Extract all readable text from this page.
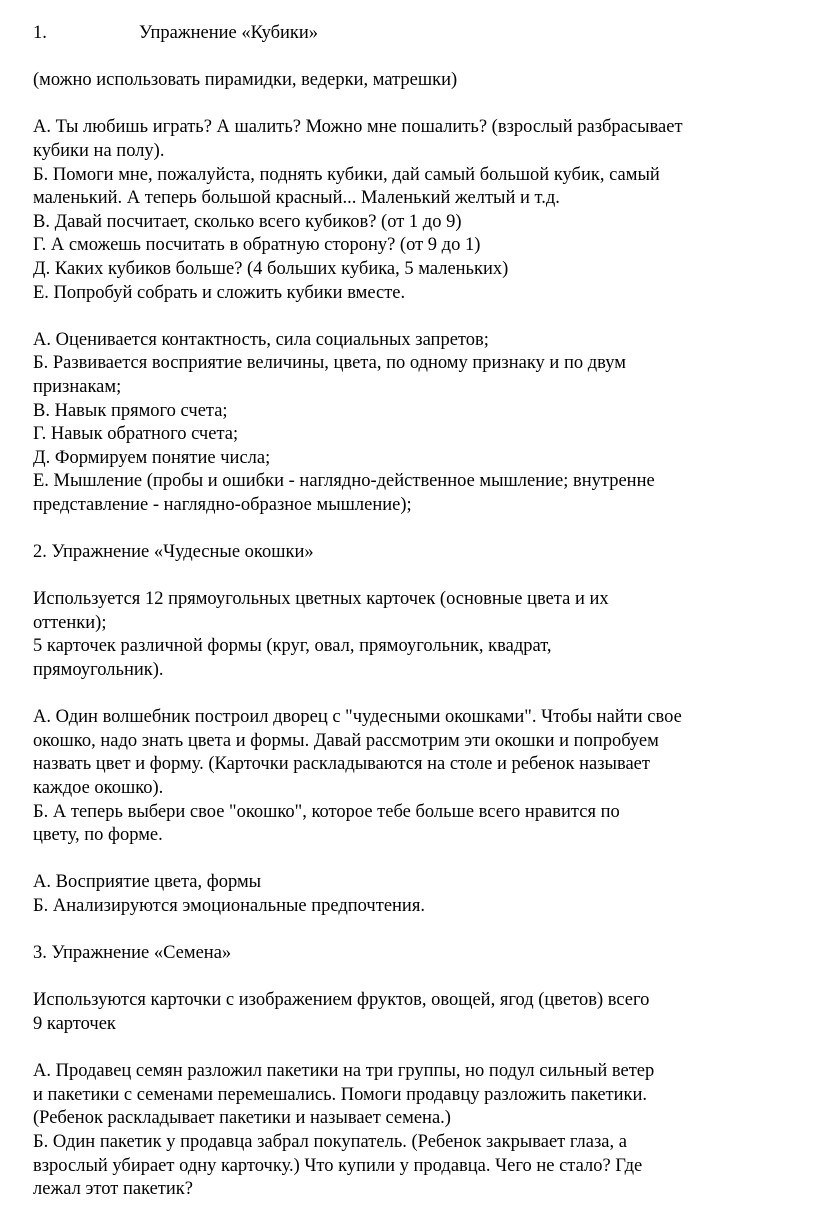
1.	Упражнение «Кубики»
(можно использовать пирамидки, ведерки, матрешки)
А. Ты любишь играть? А шалить? Можно мне пошалить? (взрослый разбрасывает
кубики на полу).
Б. Помоги мне, пожалуйста, поднять кубики, дай самый большой кубик, самый
маленький. А теперь большой красный... Маленький желтый и т.д.
В. Давай посчитает, сколько всего кубиков? (от 1 до 9)
Г. А сможешь посчитать в обратную сторону? (от 9 до 1)
Д. Каких кубиков больше? (4 больших кубика, 5 маленьких)
Е. Попробуй собрать и сложить кубики вместе.
А. Оценивается контактность, сила социальных запретов;
Б. Развивается восприятие величины, цвета, по одному признаку и по двум
признакам;
В. Навык прямого счета;
Г. Навык обратного счета;
Д. Формируем понятие числа;
Е. Мышление (пробы и ошибки - наглядно-действенное мышление; внутренне
представление - наглядно-образное мышление);
2. Упражнение «Чудесные окошки»
Используется 12 прямоугольных цветных карточек (основные цвета и их
оттенки);
5 карточек различной формы (круг, овал, прямоугольник, квадрат,
прямоугольник).
А. Один волшебник построил дворец с "чудесными окошками". Чтобы найти свое
окошко, надо знать цвета и формы. Давай рассмотрим эти окошки и попробуем
назвать цвет и форму. (Карточки раскладываются на столе и ребенок называет
каждое окошко).
Б. А теперь выбери свое "окошко", которое тебе больше всего нравится по
цвету, по форме.
А. Восприятие цвета, формы
Б. Анализируются эмоциональные предпочтения.
3. Упражнение «Семена»
Используются карточки с изображением фруктов, овощей, ягод (цветов) всего
9 карточек
А. Продавец семян разложил пакетики на три группы, но подул сильный ветер
и пакетики с семенами перемешались. Помоги продавцу разложить пакетики.
(Ребенок раскладывает пакетики и называет семена.)
Б. Один пакетик у продавца забрал покупатель. (Ребенок закрывает глаза, а
взрослый убирает одну карточку.) Что купили у продавца. Чего не стало? Где
лежал этот пакетик?
